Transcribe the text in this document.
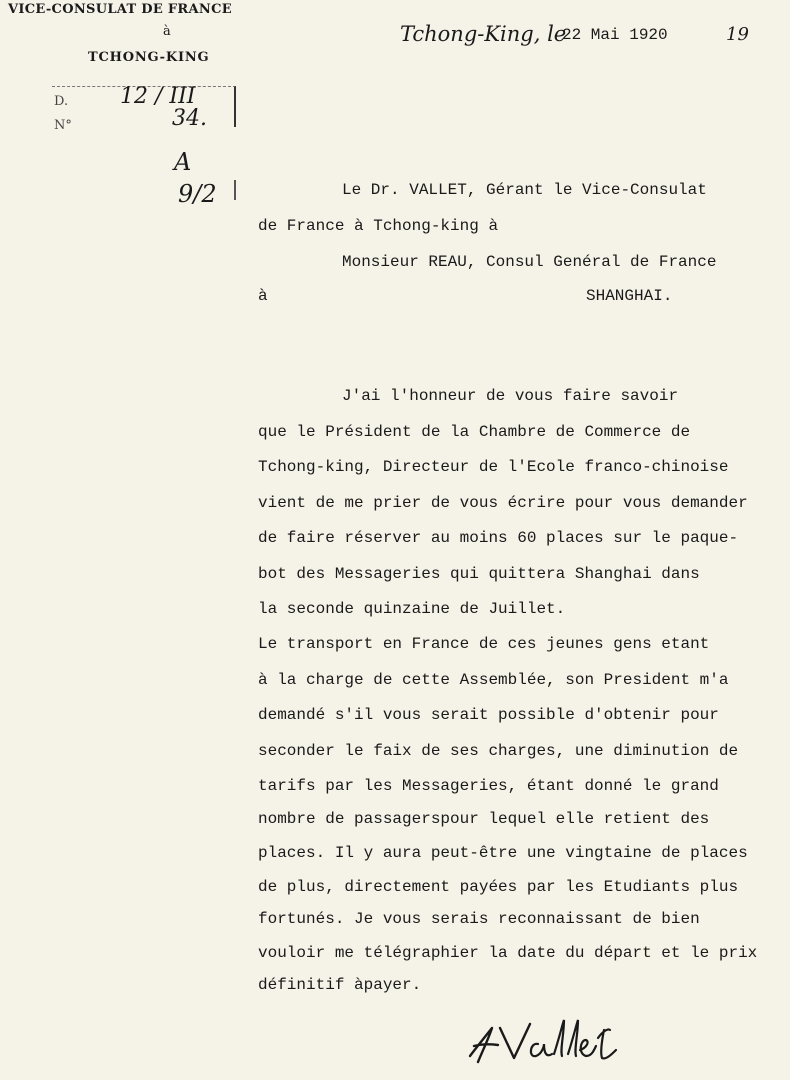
VICE-CONSULAT DE FRANCE
à
TCHONG-KING
Tchong-King, le
22 Mai 1920	19
D. 12 / III
N°	34.
A
9/2	Le Dr. VALLET, Gérant le Vice-Consulat
de France à Tchong-king à
Monsieur REAU, Consul Genéral de France
à	SHANGHAI.
J'ai l'honneur de vous faire savoir
que le Président de la Chambre de Commerce de
Tchong-king, Directeur de l'Ecole franco-chinoise
vient de me prier de vous écrire pour vous demander
de faire réserver au moins 60 places sur le paque-
bot des Messageries qui quittera Shanghai dans
la seconde quinzaine de Juillet.
Le transport en France de ces jeunes gens etant
à la charge de cette Assemblée, son President m'a
demandé s'il vous serait possible d'obtenir pour
seconder le faix de ses charges, une diminution de
tarifs par les Messageries, étant donné le grand
nombre de passagerspour lequel elle retient des
places. Il y aura peut-être une vingtaine de places
de plus, directement payées par les Etudiants plus
fortunés. Je vous serais reconnaissant de bien
vouloir me télégraphier la date du départ et le prix
définitif àpayer.
